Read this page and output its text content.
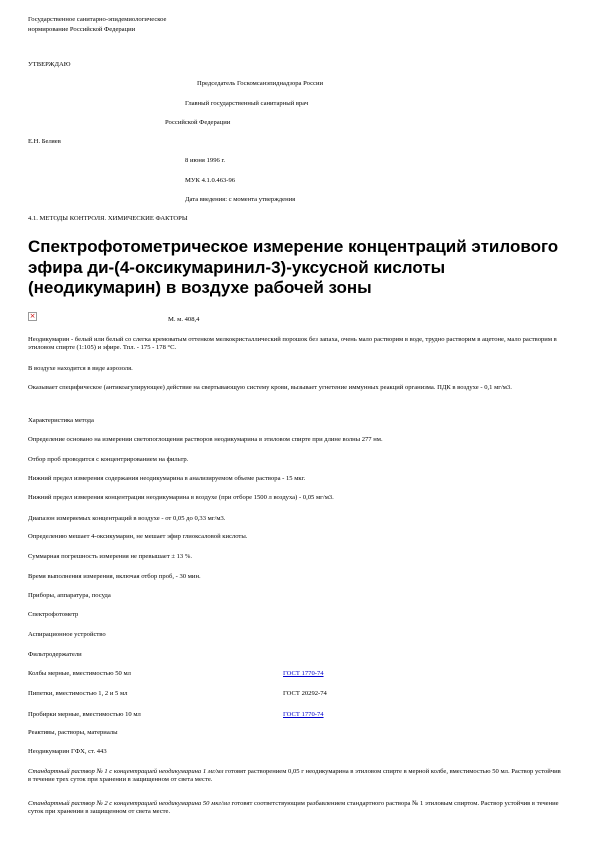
Государственное санитарно-эпидемиологическое
нормирование Российской Федерации
УТВЕРЖДАЮ
Председатель Госкомсанэпиднадзора России
Главный государственный санитарный врач
Российской Федерации
Е.Н. Беляев
8 июня 1996 г.
МУК 4.1.0.463-96
Дата введения: с момента утверждения
4.1. МЕТОДЫ КОНТРОЛЯ. ХИМИЧЕСКИЕ ФАКТОРЫ
Спектрофотометрическое измерение концентраций этилового эфира ди-(4-оксикумаринил-3)-уксусной кислоты (неодикумарин) в воздухе рабочей зоны
×	М. м. 408,4
Неодикумарин - белый или белый со слегка кремоватым оттенком мелкокристаллический порошок без запаха, очень мало растворим в воде, трудно растворим в ацетоне, мало растворим в этиловом спирте (1:105) и эфире. Тпл. - 175 - 178 °С.
В воздухе находится в виде аэрозоля.
Оказывает специфическое (антикоагулирующее) действие на свертывающую систему крови, вызывает угнетение иммунных реакций организма. ПДК в воздухе - 0,1 мг/м3.
Характеристика метода
Определение основано на измерении светопоглощения растворов неодикумарина в этиловом спирте при длине волны 277 нм.
Отбор проб проводится с концентрированием на фильтр.
Нижний предел измерения содержания неодикумарина в анализируемом объеме раствора - 15 мкг.
Нижний предел измерения концентрации неодикумарина в воздухе (при отборе 1500 л воздуха) - 0,05 мг/м3.
Диапазон измеряемых концентраций в воздухе - от 0,05 до 0,33 мг/м3.
Определению мешает 4-оксикумарин, не мешает эфир глиоксаловой кислоты.
Суммарная погрешность измерения не превышает ± 13 %.
Время выполнения измерения, включая отбор проб, - 30 мин.
Приборы, аппаратура, посуда
Спектрофотометр
Аспирационное устройство
Фильтродержатели
Колбы мерные, вместимостью 50 мл	ГОСТ 1770-74
Пипетки, вместимостью 1, 2 и 5 мл	ГОСТ 20292-74
Пробирки мерные, вместимостью 10 мл	ГОСТ 1770-74
Реактивы, растворы, материалы
Неодикумарин ГФХ, ст. 443
Стандартный раствор № 1 с концентрацией неодикумарина 1 мг/мл готовят растворением 0,05 г неодикумарина в этиловом спирте в мерной колбе, вместимостью 50 мл. Раствор устойчив в течение трех суток при хранении в защищенном от света месте.
Стандартный раствор № 2 с концентрацией неодикумарина 50 мкг/мл готовят соответствующим разбавлением стандартного раствора № 1 этиловым спиртом. Раствор устойчив в течение суток при хранении в защищенном от света месте.
